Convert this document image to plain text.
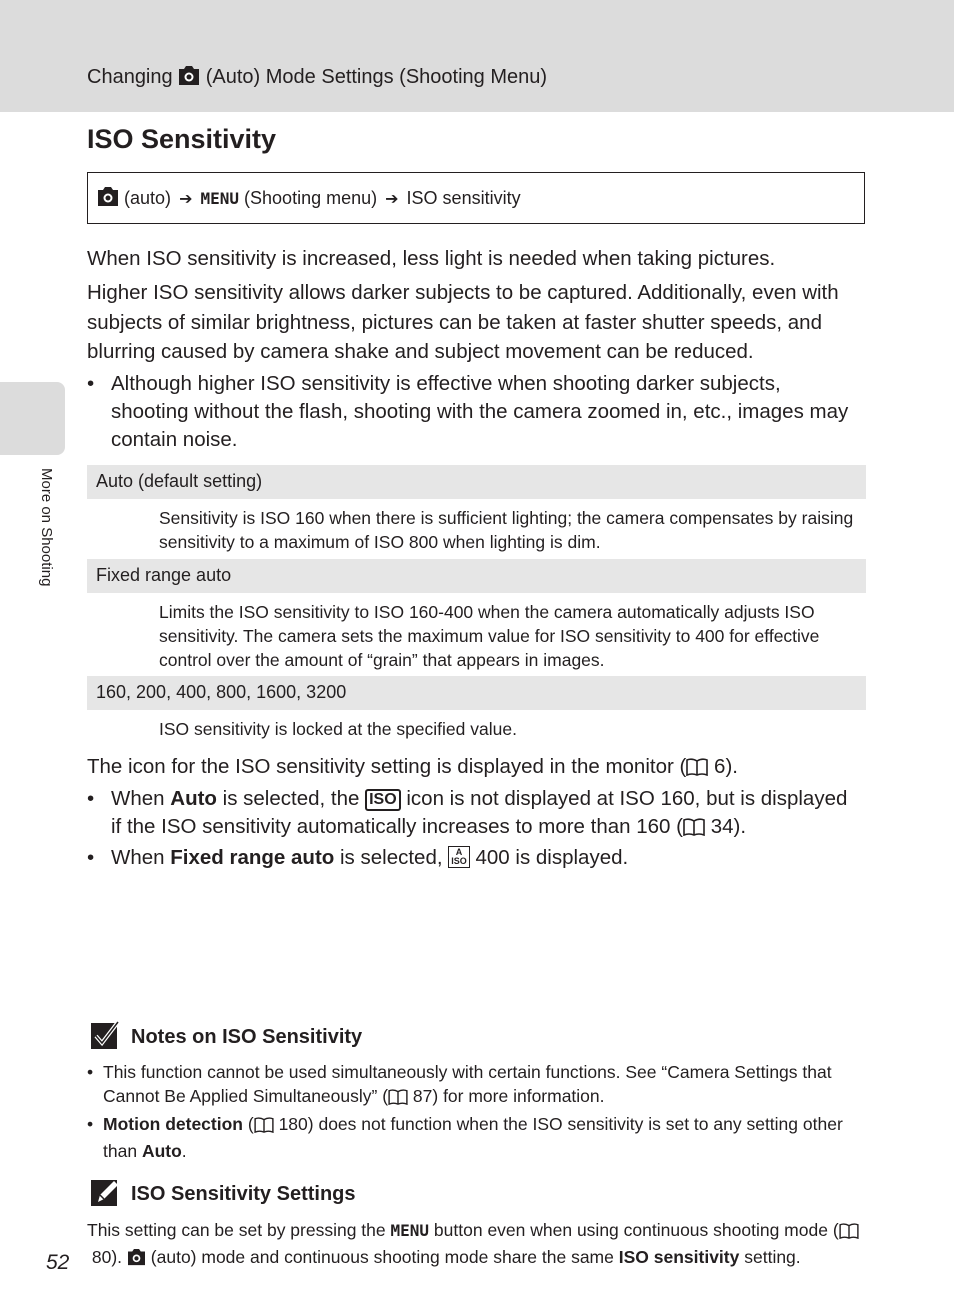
Changing (Auto) Mode Settings (Shooting Menu)
More on Shooting
ISO Sensitivity
(auto) ➔ MENU (Shooting menu) ➔ ISO sensitivity

When ISO sensitivity is increased, less light is needed when taking pictures.

Higher ISO sensitivity allows darker subjects to be captured. Additionally, even with subjects of similar brightness, pictures can be taken at faster shutter speeds, and blurring caused by camera shake and subject movement can be reduced.

• Although higher ISO sensitivity is effective when shooting darker subjects, shooting without the flash, shooting with the camera zoomed in, etc., images may contain noise.
Auto (default setting)
Sensitivity is ISO 160 when there is sufficient lighting; the camera compensates by raising sensitivity to a maximum of ISO 800 when lighting is dim.
Fixed range auto
Limits the ISO sensitivity to ISO 160-400 when the camera automatically adjusts ISO sensitivity. The camera sets the maximum value for ISO sensitivity to 400 for effective control over the amount of “grain” that appears in images.
160, 200, 400, 800, 1600, 3200
ISO sensitivity is locked at the specified value.

The icon for the ISO sensitivity setting is displayed in the monitor ( 6).

• When Auto is selected, the ISO icon is not displayed at ISO 160, but is displayed if the ISO sensitivity automatically increases to more than 160 ( 34).
• When Fixed range auto is selected, A
ISO 400 is displayed.
Notes on ISO Sensitivity
• This function cannot be used simultaneously with certain functions. See “Camera Settings that Cannot Be Applied Simultaneously” ( 87) for more information.
• Motion detection ( 180) does not function when the ISO sensitivity is set to any setting other than Auto.
ISO Sensitivity Settings
This setting can be set by pressing the MENU button even when using continuous shooting mode ( 80). (auto) mode and continuous shooting mode share the same ISO sensitivity setting.
52
